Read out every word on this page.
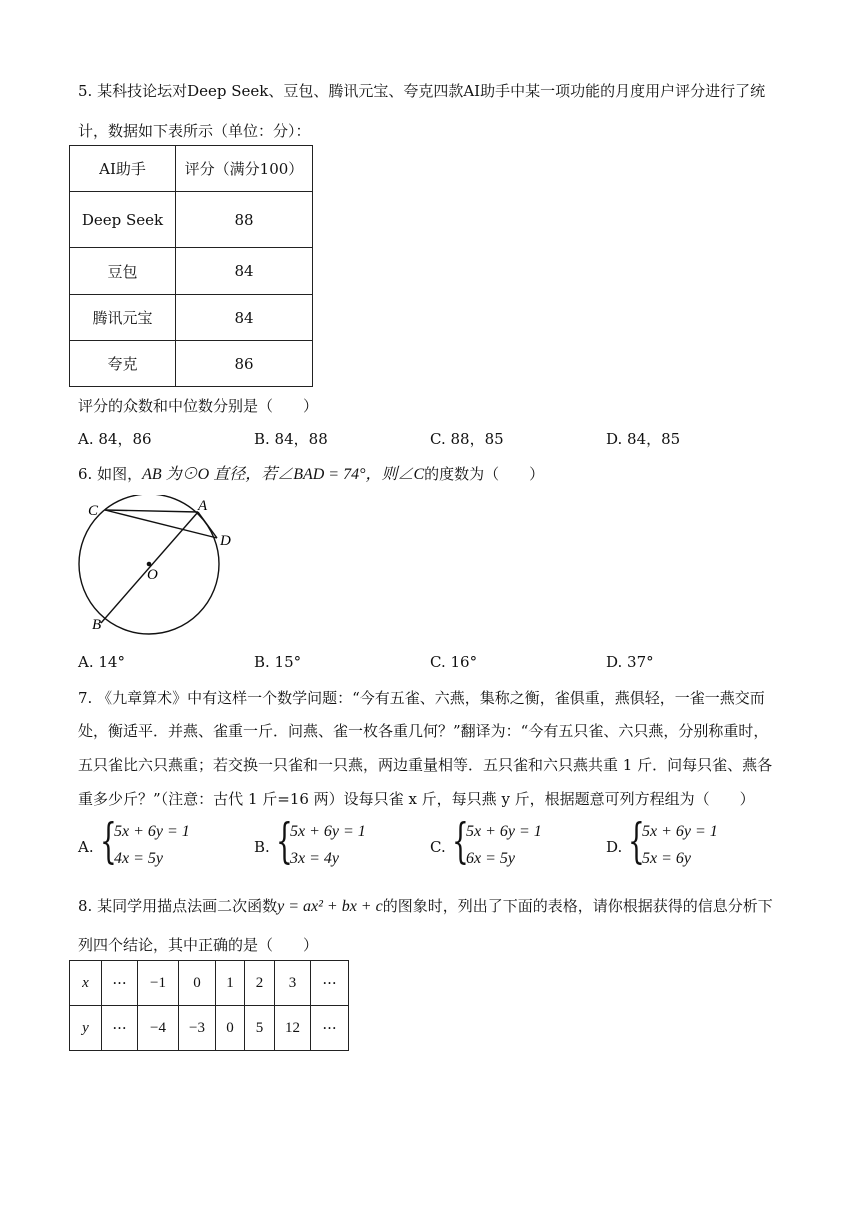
5. 某科技论坛对Deep Seek、豆包、腾讯元宝、夸克四款AI助手中某一项功能的月度用户评分进行了统
计，数据如下表所示（单位：分）：
AI助手	评分（满分100）
Deep Seek	88
豆包	84
腾讯元宝	84
夸克	86
评分的众数和中位数分别是（　　）
A. 84，86	B. 84，88	C. 88，85	D. 84，85
6. 如图，AB 为⊙O 直径，若∠BAD = 74°，则∠C的度数为（　　）
C	A
D
O
B
A. 14°	B. 15°	C. 16°	D. 37°
7. 《九章算术》中有这样一个数学问题：“今有五雀、六燕，集称之衡，雀俱重，燕俱轻，一雀一燕交而
处，衡适平．并燕、雀重一斤．问燕、雀一枚各重几何？”翻译为：“今有五只雀、六只燕，分别称重时，
五只雀比六只燕重；若交换一只雀和一只燕，两边重量相等．五只雀和六只燕共重 1 斤．问每只雀、燕各
重多少斤？”（注意：古代 1 斤=16 两）设每只雀 x 斤，每只燕 y 斤，根据题意可列方程组为（　　）
A. {
5x + 6y = 1
4x = 5y
B. {
5x + 6y = 1
3x = 4y
C. {
5x + 6y = 1
6x = 5y
D. {
5x + 6y = 1
5x = 6y
8. 某同学用描点法画二次函数y = ax² + bx + c的图象时，列出了下面的表格，请你根据获得的信息分析下
列四个结论，其中正确的是（　　）
x	···	−1	0	1	2	3	···
y	···	−4	−3	0	5	12	···
